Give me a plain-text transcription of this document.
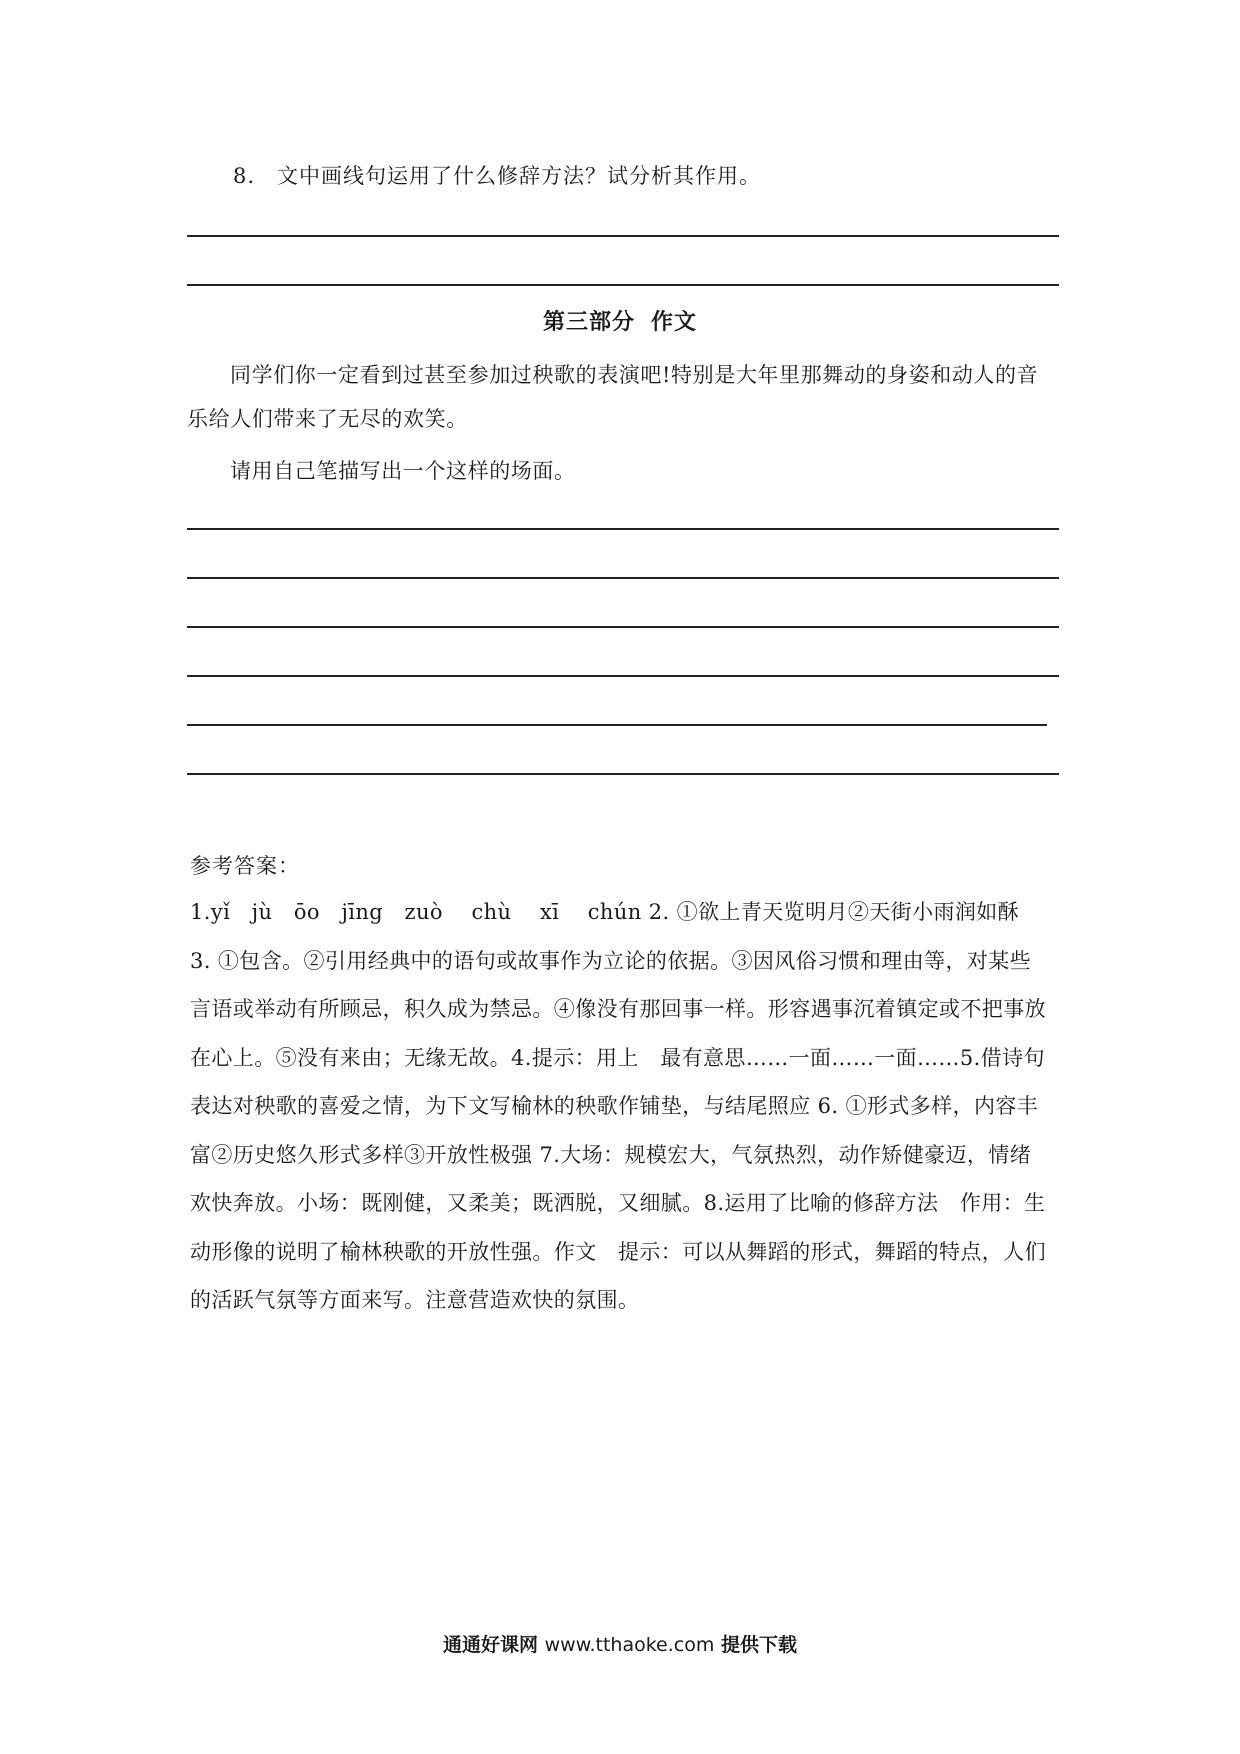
8. 文中画线句运用了什么修辞方法？试分析其作用。
第三部分 作文
同学们你一定看到过甚至参加过秧歌的表演吧!特别是大年里那舞动的身姿和动人的音乐给人们带来了无尽的欢笑。
请用自己笔描写出一个这样的场面。
参考答案：
1.yǐ　jù　ōo　jīng　zuò　 chù　 xī　 chún 2. ①欲上青天览明月②天街小雨润如酥
3. ①包含。②引用经典中的语句或故事作为立论的依据。③因风俗习惯和理由等，对某些
言语或举动有所顾忌，积久成为禁忌。④像没有那回事一样。形容遇事沉着镇定或不把事放
在心上。⑤没有来由；无缘无故。4.提示：用上　最有意思……一面……一面……5.借诗句
表达对秧歌的喜爱之情，为下文写榆林的秧歌作铺垫，与结尾照应 6. ①形式多样，内容丰
富②历史悠久形式多样③开放性极强 7.大场：规模宏大，气氛热烈，动作矫健豪迈，情绪
欢快奔放。小场：既刚健，又柔美；既洒脱，又细腻。8.运用了比喻的修辞方法　作用：生
动形像的说明了榆林秧歌的开放性强。作文　提示：可以从舞蹈的形式，舞蹈的特点，人们
的活跃气氛等方面来写。注意营造欢快的氛围。
通通好课网 www.tthaoke.com 提供下载
